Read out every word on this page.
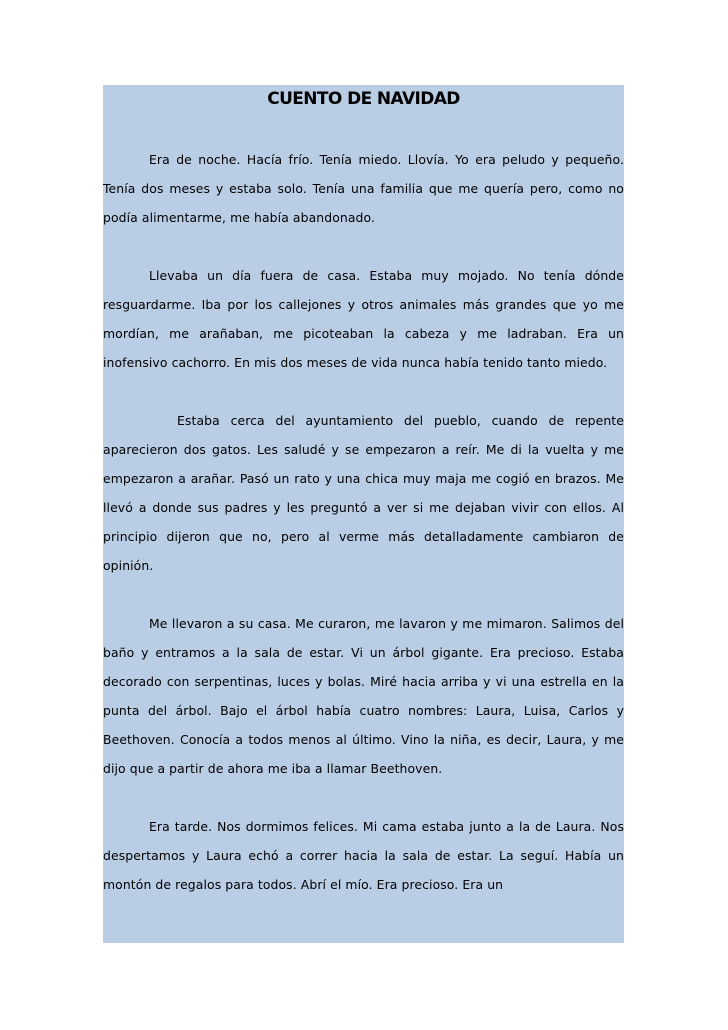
CUENTO DE NAVIDAD

Era de noche. Hacía frío. Tenía miedo. Llovía. Yo era peludo y pequeño. Tenía dos meses y estaba solo. Tenía una familia que me quería pero, como no podía alimentarme, me había abandonado.

Llevaba un día fuera de casa. Estaba muy mojado. No tenía dónde resguardarme. Iba por los callejones y otros animales más grandes que yo me mordían, me arañaban, me picoteaban la cabeza y me ladraban. Era un inofensivo cachorro. En mis dos meses de vida nunca había tenido tanto miedo.

Estaba cerca del ayuntamiento del pueblo, cuando de repente aparecieron dos gatos. Les saludé y se empezaron a reír. Me di la vuelta y me empezaron a arañar. Pasó un rato y una chica muy maja me cogió en brazos. Me llevó a donde sus padres y les preguntó a ver si me dejaban vivir con ellos. Al principio dijeron que no, pero al verme más detalladamente cambiaron de opinión.

Me llevaron a su casa. Me curaron, me lavaron y me mimaron. Salimos del baño y entramos a la sala de estar. Vi un árbol gigante. Era precioso. Estaba decorado con serpentinas, luces y bolas. Miré hacia arriba y vi una estrella en la punta del árbol. Bajo el árbol había cuatro nombres: Laura, Luisa, Carlos y Beethoven. Conocía a todos menos al último. Vino la niña, es decir, Laura, y me dijo que a partir de ahora me iba a llamar Beethoven.

Era tarde. Nos dormimos felices. Mi cama estaba junto a la de Laura. Nos despertamos y Laura echó a correr hacia la sala de estar. La seguí. Había un montón de regalos para todos. Abrí el mío. Era precioso. Era un
